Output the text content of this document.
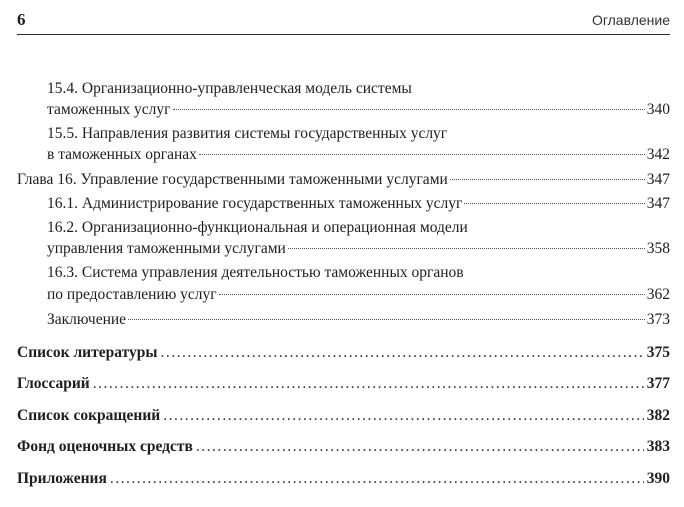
6	Оглавление
15.4. Организационно-управленческая модель системы
таможенных услуг	340
15.5. Направления развития системы государственных услуг
в таможенных органах	342
Глава 16. Управление государственными таможенными услугами	347
16.1. Администрирование государственных таможенных услуг	347
16.2. Организационно-функциональная и операционная модели
управления таможенными услугами	358
16.3. Система управления деятельностью таможенных органов
по предоставлению услуг	362
Заключение	373
Список литературы .....	375
Глоссарий .....	377
Список сокращений .....	382
Фонд оценочных средств .....	383
Приложения .....	390
